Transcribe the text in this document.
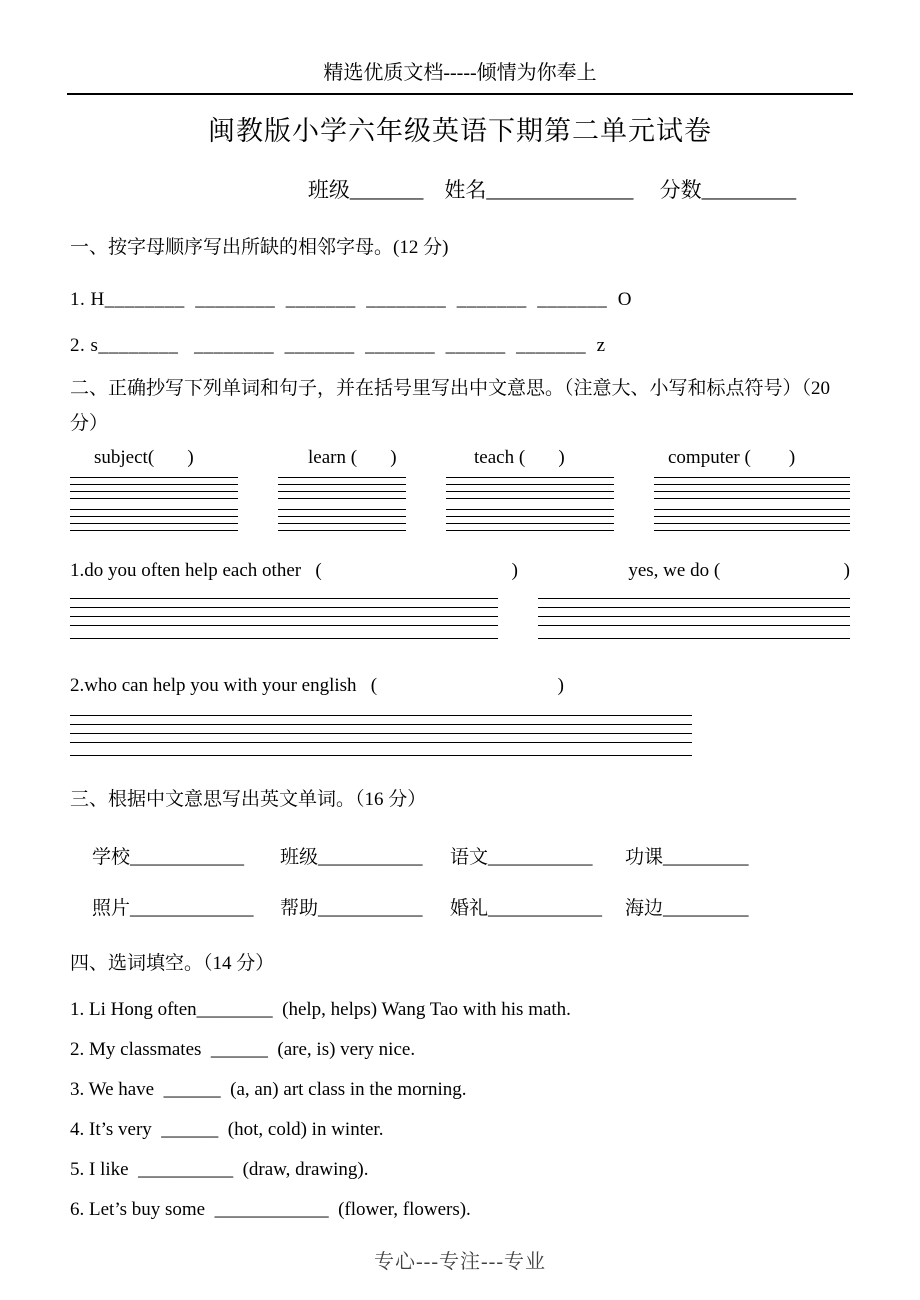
精选优质文档-----倾情为你奉上
闽教版小学六年级英语下期第二单元试卷
班级_______    姓名______________     分数_________
一、按字母顺序写出所缺的相邻字母。(12 分)
1. H________  ________  _______  ________  _______  _______  O
2. s________   ________  _______  _______  ______  _______  z
二、正确抄写下列单词和句子，并在括号里写出中文意思。（注意大、小写和标点符号）（20 分）
subject(       )	learn (       )	teach (       )	computer (        )
1.do you often help each other   (                                        )	yes, we do (                          )
2.who can help you with your english   (                                      )
三、根据中文意思写出英文单词。（16 分）
学校____________	班级___________	语文___________	功课_________
照片_____________	帮助___________	婚礼____________	海边_________
四、选词填空。（14 分）
1. Li Hong often________  (help, helps) Wang Tao with his math.
2. My classmates  ______  (are, is) very nice.
3. We have  ______  (a, an) art class in the morning.
4. It’s very  ______  (hot, cold) in winter.
5. I like  __________  (draw, drawing).
6. Let’s buy some  ____________  (flower, flowers).
专心---专注---专业
